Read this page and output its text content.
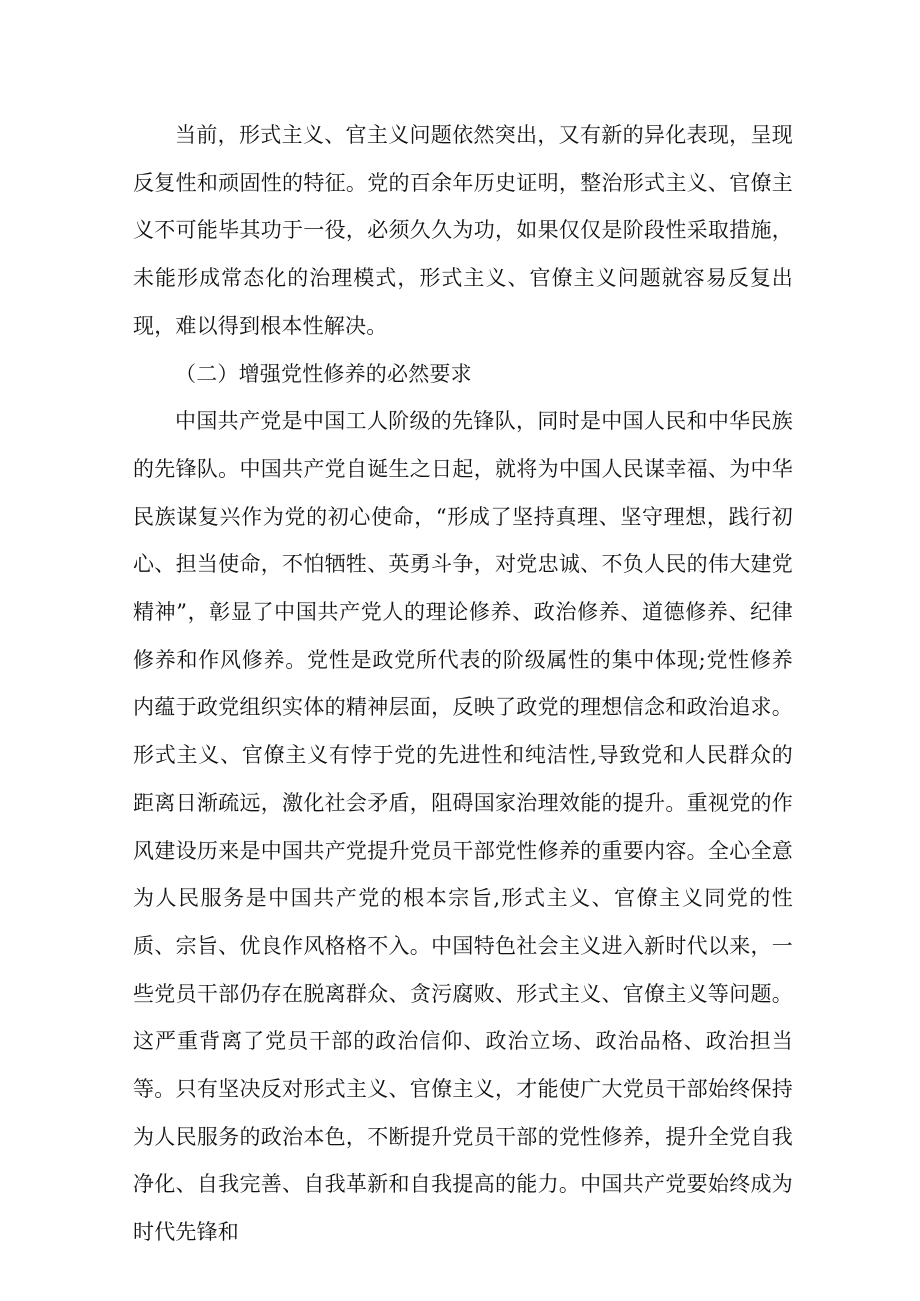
当前，形式主义、官主义问题依然突出，又有新的异化表现，呈现反复性和顽固性的特征。党的百余年历史证明，整治形式主义、官僚主义不可能毕其功于一役，必须久久为功，如果仅仅是阶段性采取措施，未能形成常态化的治理模式，形式主义、官僚主义问题就容易反复出现，难以得到根本性解决。

（二）增强党性修养的必然要求

中国共产党是中国工人阶级的先锋队，同时是中国人民和中华民族的先锋队。中国共产党自诞生之日起，就将为中国人民谋幸福、为中华民族谋复兴作为党的初心使命，“形成了坚持真理、坚守理想，践行初心、担当使命，不怕牺牲、英勇斗争，对党忠诚、不负人民的伟大建党精神”，彰显了中国共产党人的理论修养、政治修养、道德修养、纪律修养和作风修养。党性是政党所代表的阶级属性的集中体现;党性修养内蕴于政党组织实体的精神层面，反映了政党的理想信念和政治追求。形式主义、官僚主义有悖于党的先进性和纯洁性,导致党和人民群众的距离日渐疏远，激化社会矛盾，阻碍国家治理效能的提升。重视党的作风建设历来是中国共产党提升党员干部党性修养的重要内容。全心全意为人民服务是中国共产党的根本宗旨,形式主义、官僚主义同党的性质、宗旨、优良作风格格不入。中国特色社会主义进入新时代以来，一些党员干部仍存在脱离群众、贪污腐败、形式主义、官僚主义等问题。这严重背离了党员干部的政治信仰、政治立场、政治品格、政治担当等。只有坚决反对形式主义、官僚主义，才能使广大党员干部始终保持为人民服务的政治本色，不断提升党员干部的党性修养，提升全党自我净化、自我完善、自我革新和自我提高的能力。中国共产党要始终成为时代先锋和
